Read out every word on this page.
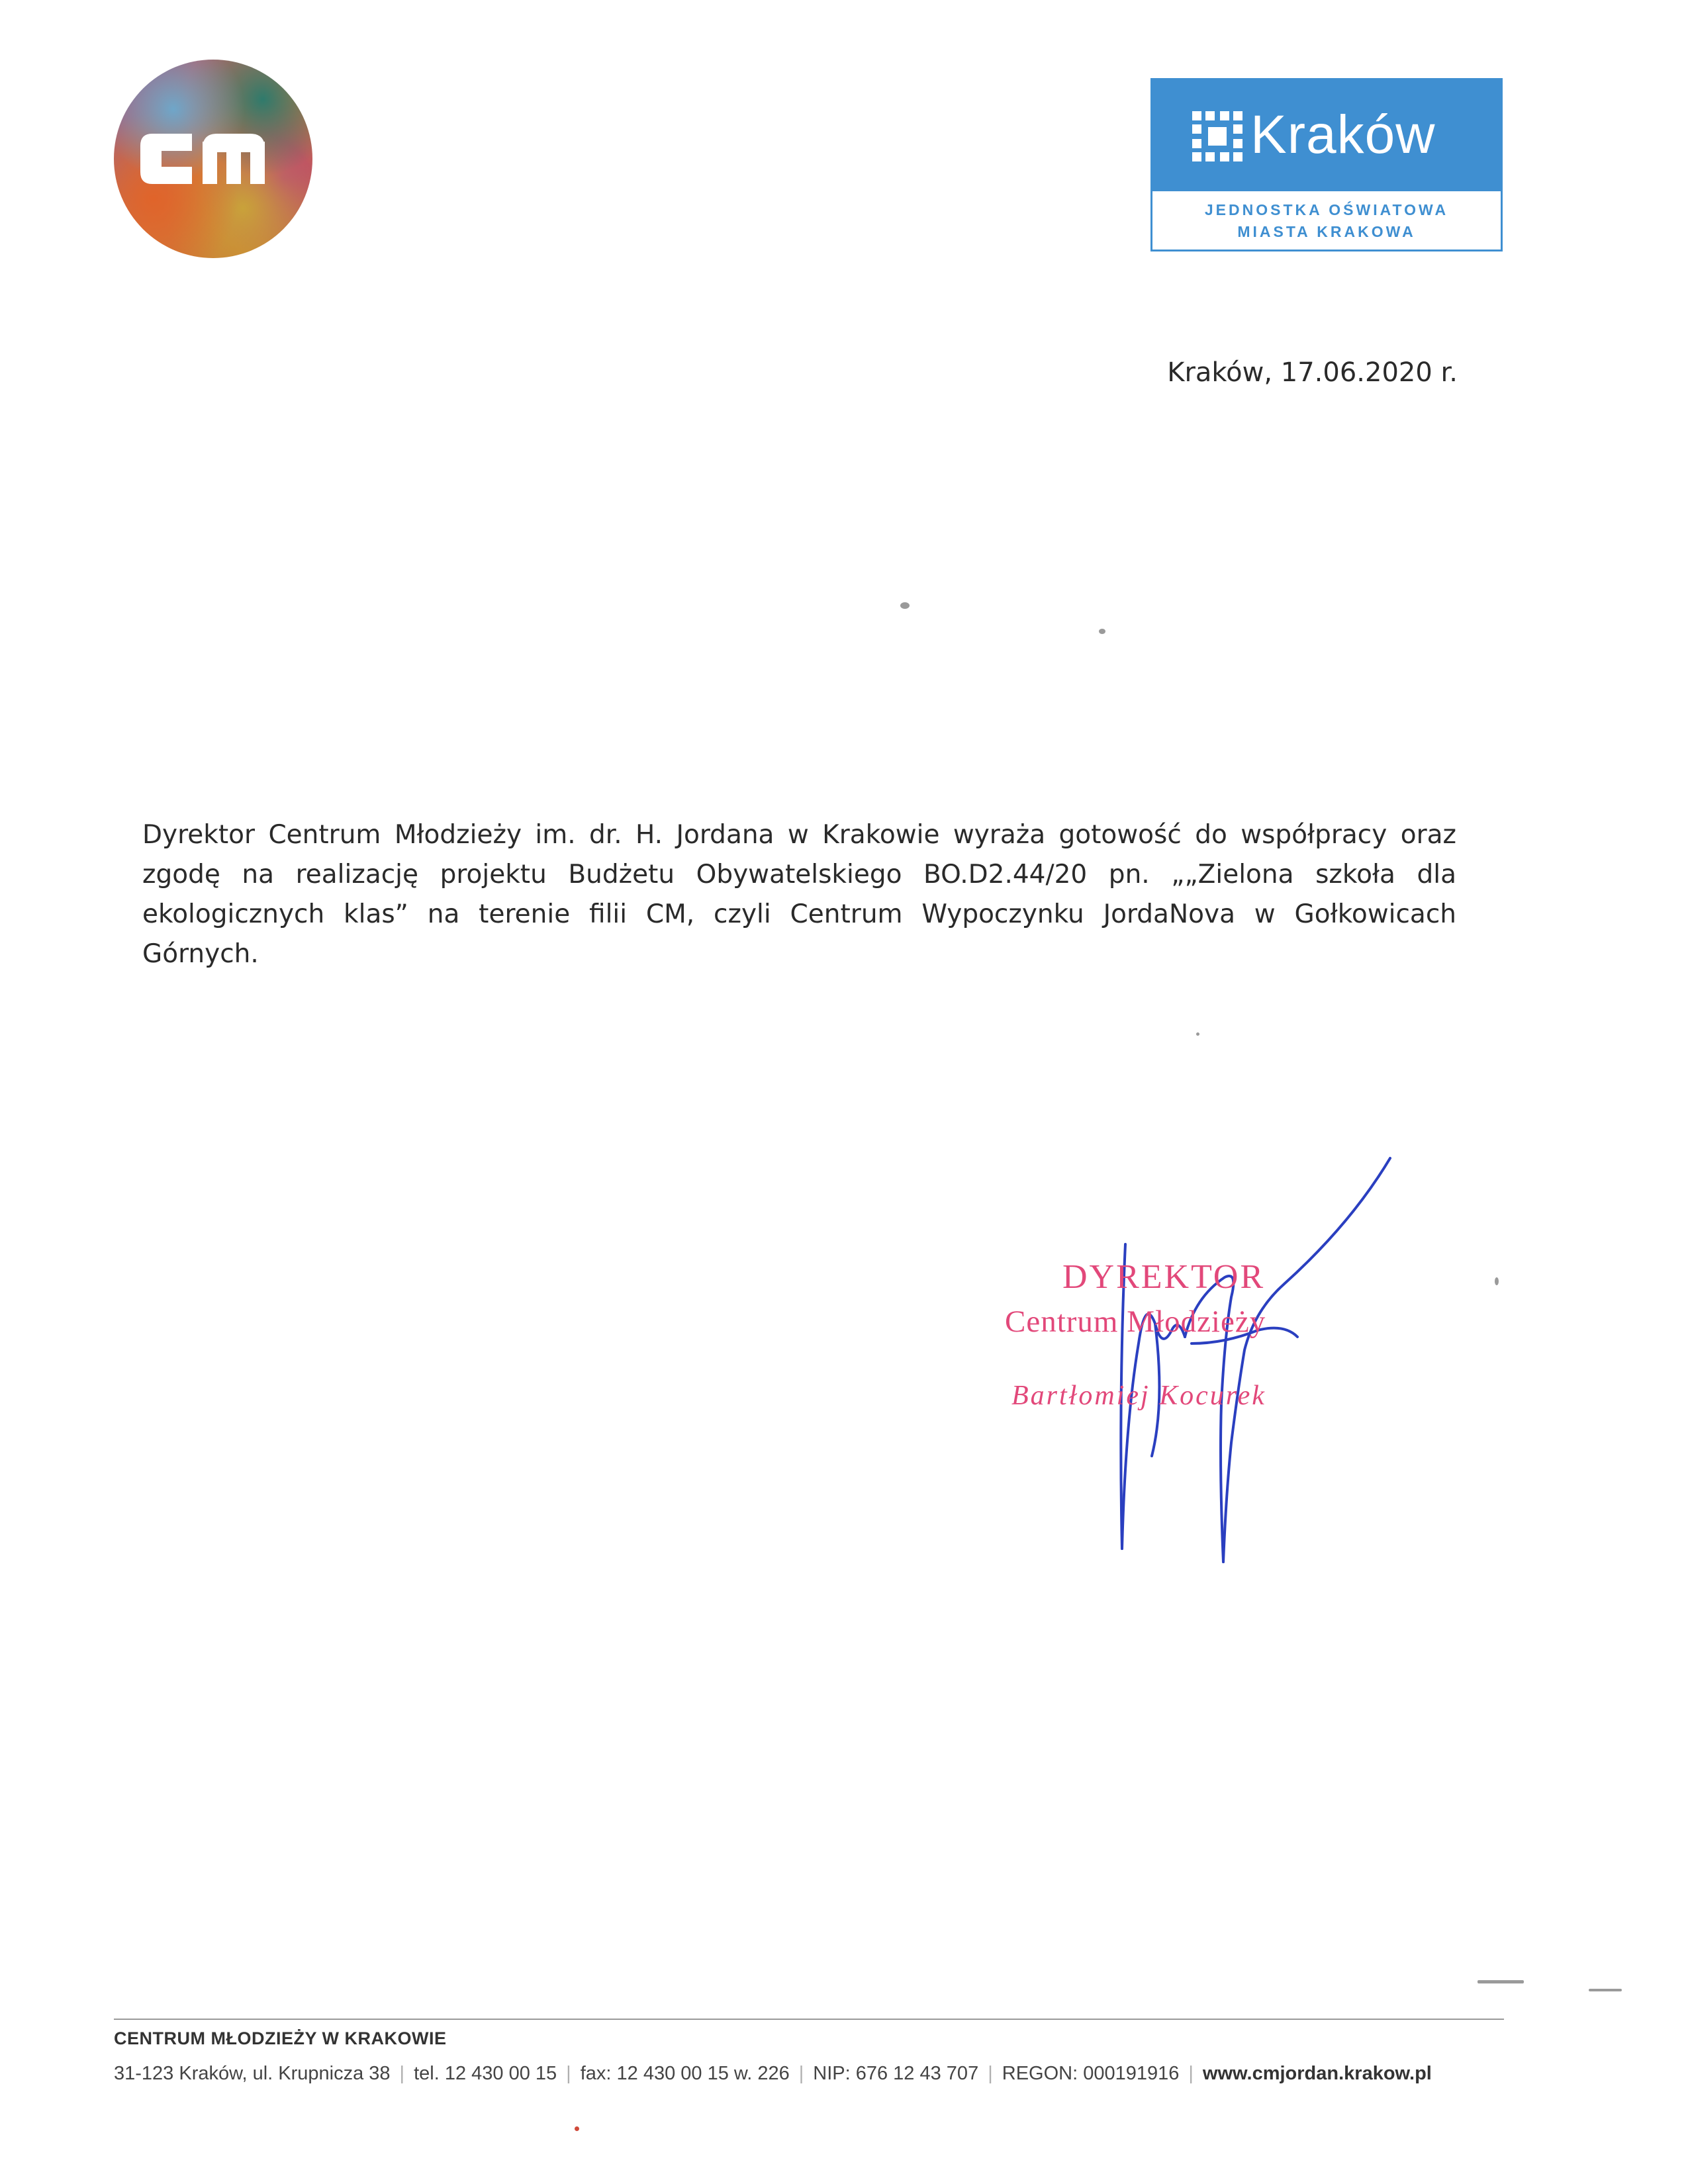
Kraków
JEDNOSTKA OŚWIATOWA
MIASTA KRAKOWA
Kraków, 17.06.2020 r.

Dyrektor Centrum Młodzieży im. dr. H. Jordana w Krakowie wyraża gotowość do współpracy oraz zgodę na realizację projektu Budżetu Obywatelskiego BO.D2.44/20 pn. „„Zielona szkoła dla ekologicznych klas” na terenie filii CM, czyli Centrum Wypoczynku JordaNova w Gołkowicach Górnych.

DYREKTOR
Centrum Młodzieży
Bartłomiej Kocurek
CENTRUM MŁODZIEŻY W KRAKOWIE
31-123 Kraków, ul. Krupnicza 38 | tel. 12 430 00 15 | fax: 12 430 00 15 w. 226 | NIP: 676 12 43 707 | REGON: 000191916 | www.cmjordan.krakow.pl
